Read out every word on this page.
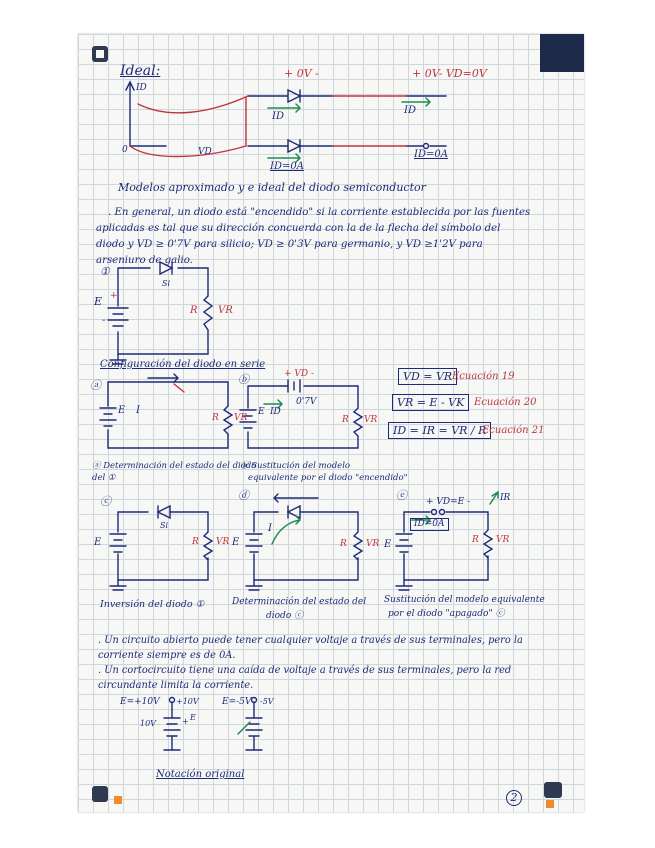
Ideal:
ID
VD
0
+ 0V -	+ 0V- VD=0V
ID
ID
ID=0A
ID=0A
Modelos aproximado y e ideal del diodo semiconductor
. En general, un diodo está "encendido" si la corriente establecida por las fuentes
aplicadas es tal que su dirección concuerda con la de la flecha del símbolo del
diodo y VD ≥ 0'7V para silicio; VD ≥ 0'3V para germanio, y VD ≥1'2V para
arseniuro de galio.
①
E +
-
Si
R VR
Configuración del diodo en serie
ⓐ
E I
R VR
ⓑ	+ VD -
0'7V
E ID
R VR
VD = VR Ecuación 19
VR = E - VK Ecuación 20
ID = IR = VR / R
Ecuación 21
ⓐ Determinación del estado del diodo
del ①
ⓑ Sustitución del modelo
equivalente por el diodo "encendido"
ⓒ
Si
E	R VR
ⓓ
I
E	R VR
ⓔ + VD=E -	IR
ID=0A
E	R VR
Inversión del diodo ①	Determinación del estado del
diodo ⓒ
Sustitución del modelo equivalente
por el diodo "apagado" ⓒ
. Un circuito abierto puede tener cualquier voltaje a través de sus terminales, pero la
corriente siempre es de 0A.
. Un cortocircuito tiene una caída de voltaje a través de sus terminales, pero la red
circundante limita la corriente.
E=+10V +10V
10V	+ E
E=-5V -5V
Notación original
2
